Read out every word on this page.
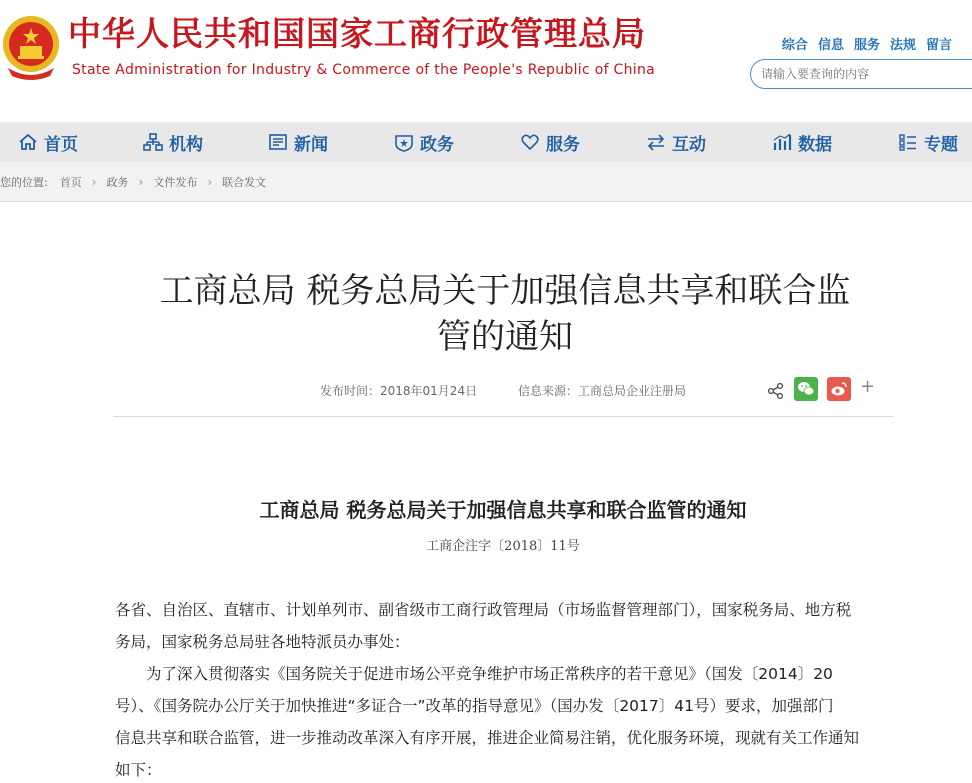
中华人民共和国国家工商行政管理总局
State Administration for Industry & Commerce of the People's Republic of China
综合 信息 服务 法规 留言
请输入要查询的内容
首页	机构	新闻	政务	服务	互动	数据	专题
您的位置: 首页 › 政务 › 文件发布 › 联合发文
工商总局 税务总局关于加强信息共享和联合监
管的通知
发布时间：2018年01月24日	信息来源：工商总局企业注册局	+
工商总局 税务总局关于加强信息共享和联合监管的通知
工商企注字〔2018〕11号
各省、自治区、直辖市、计划单列市、副省级市工商行政管理局（市场监督管理部门），国家税务局、地方税
务局，国家税务总局驻各地特派员办事处：
为了深入贯彻落实《国务院关于促进市场公平竞争维护市场正常秩序的若干意见》（国发〔2014〕20
号）、《国务院办公厅关于加快推进“多证合一”改革的指导意见》（国办发〔2017〕41号）要求，加强部门
信息共享和联合监管，进一步推动改革深入有序开展，推进企业简易注销，优化服务环境，现就有关工作通知
如下：
